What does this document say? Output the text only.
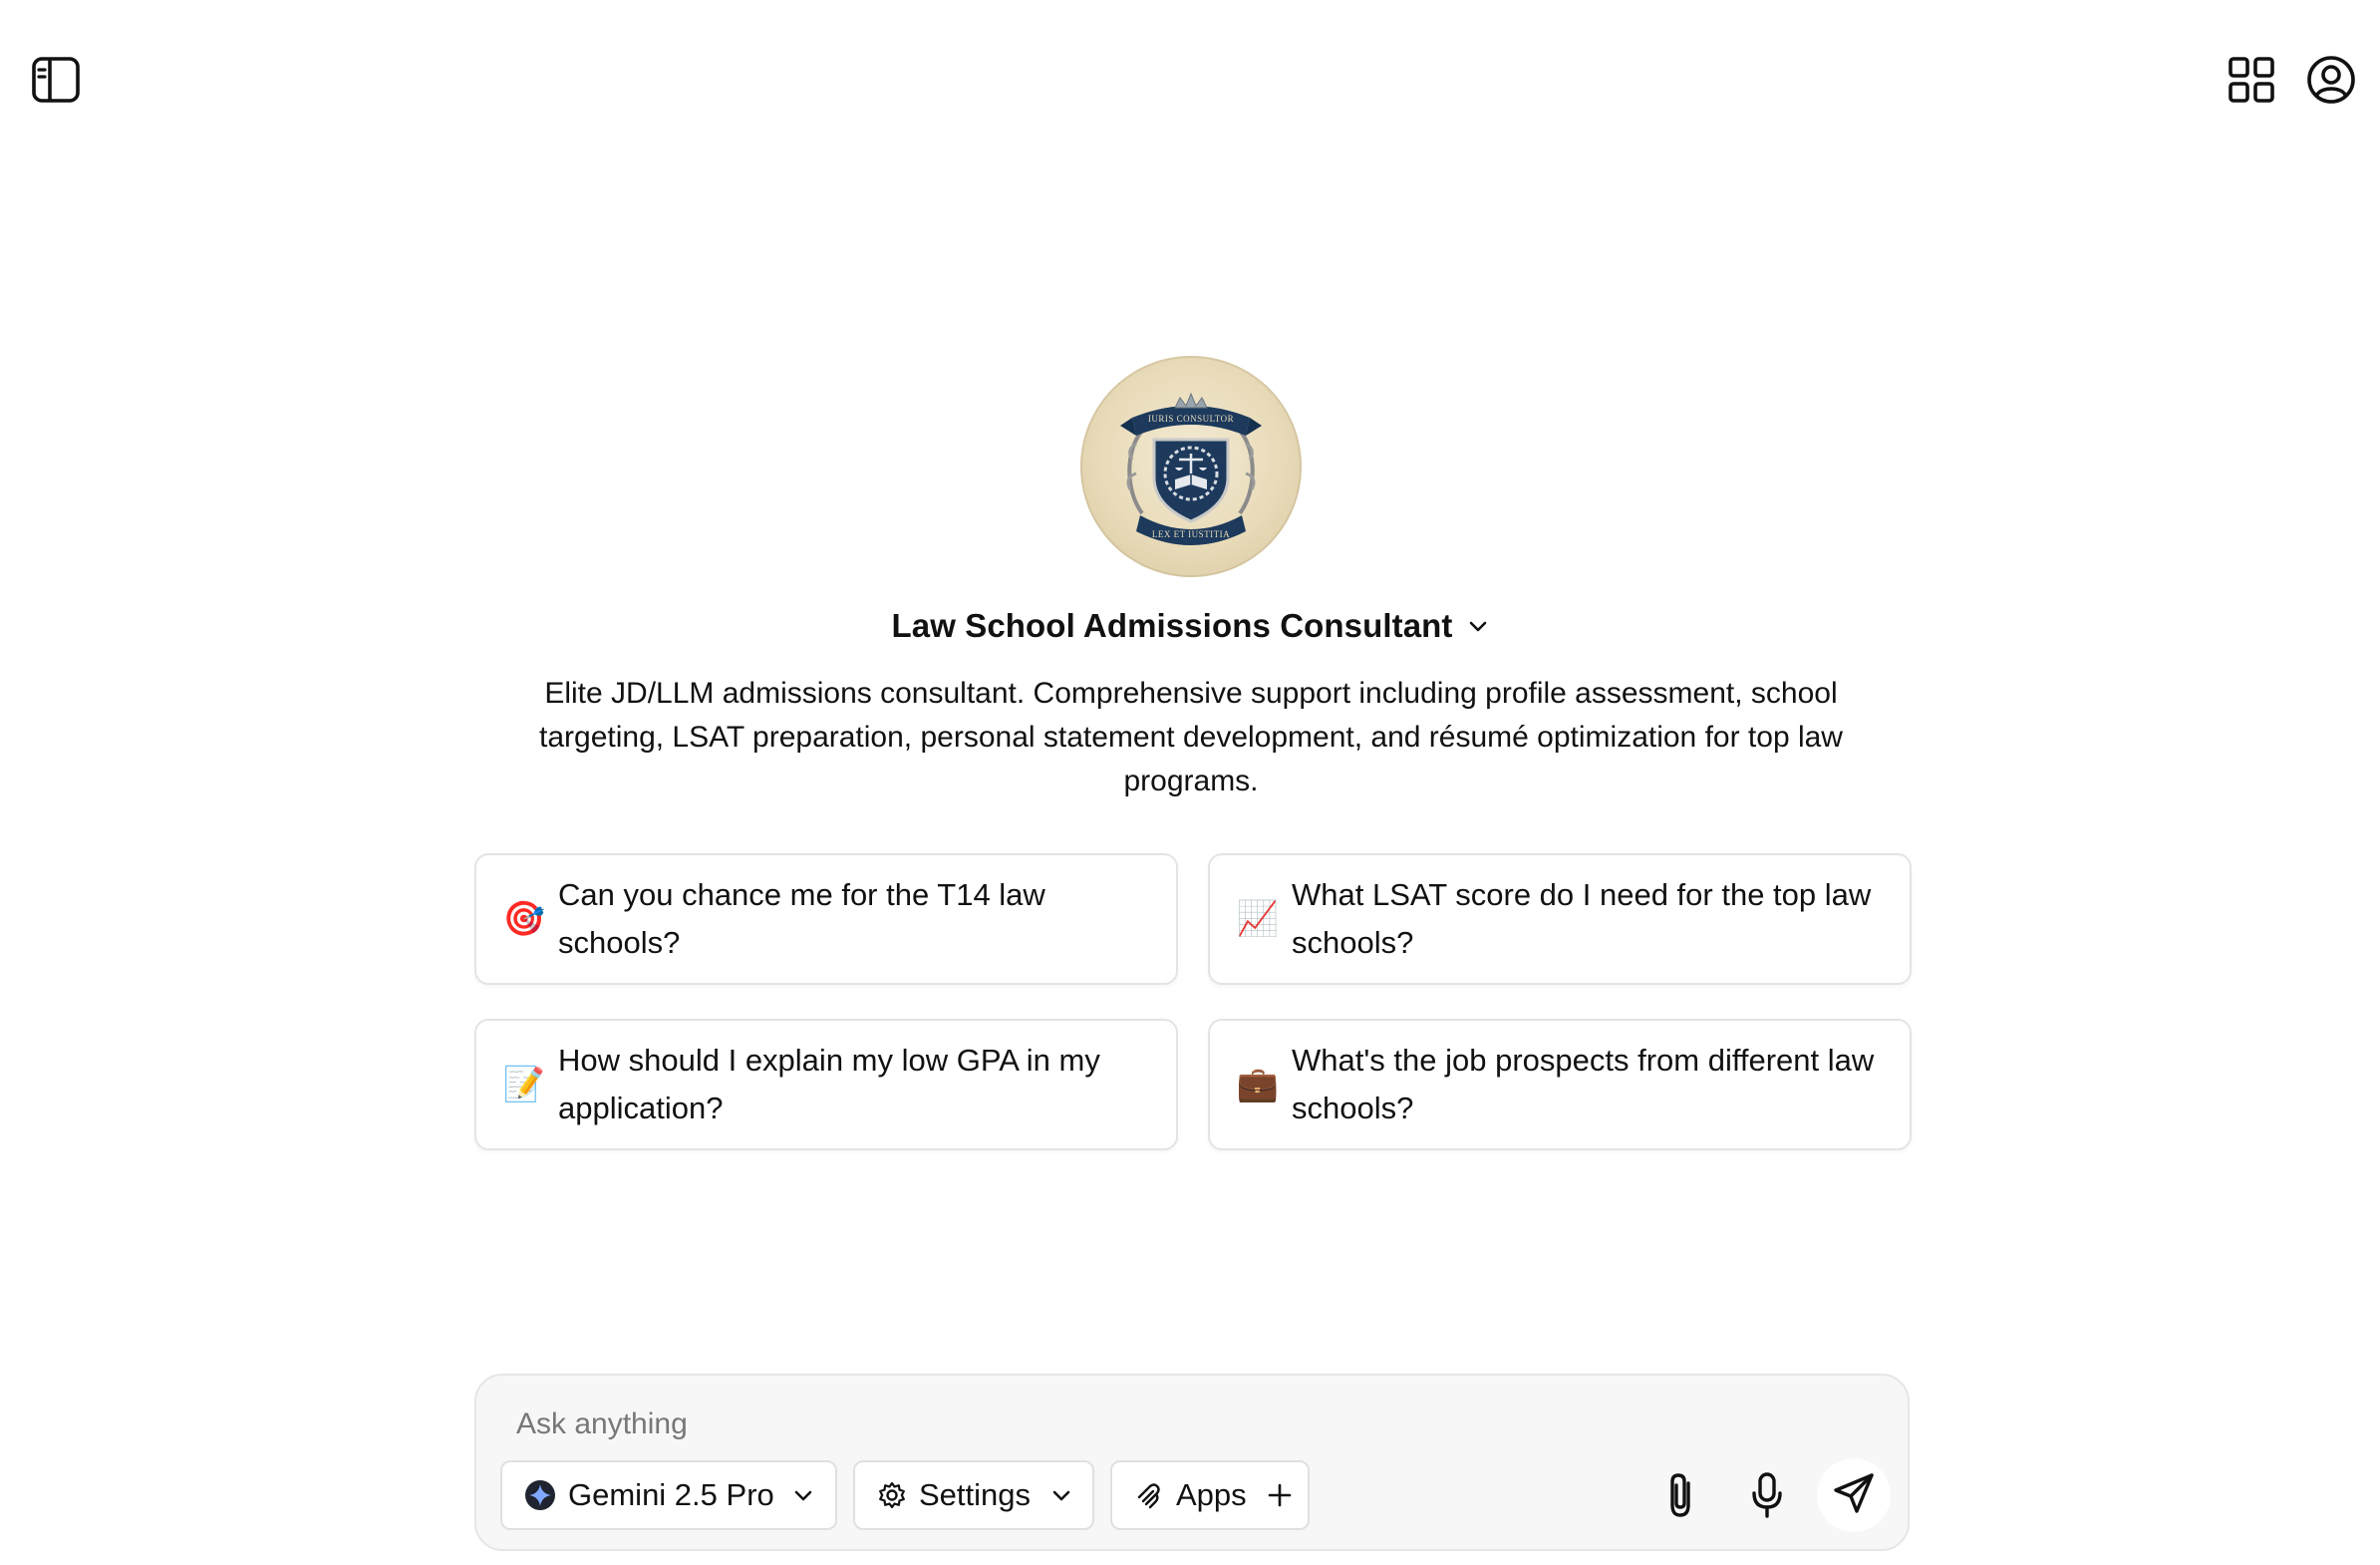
IURIS CONSULTOR
LEX ET IUSTITIA
Law School Admissions Consultant
Elite JD/LLM admissions consultant. Comprehensive support including profile assessment, school targeting, LSAT preparation, personal statement development, and résumé optimization for top law programs.
🎯
Can you chance me for the T14 law schools?
📈
What LSAT score do I need for the top law schools?
📝
How should I explain my low GPA in my application?
💼
What's the job prospects from different law schools?
Ask anything
Gemini 2.5 Pro	Settings	Apps
